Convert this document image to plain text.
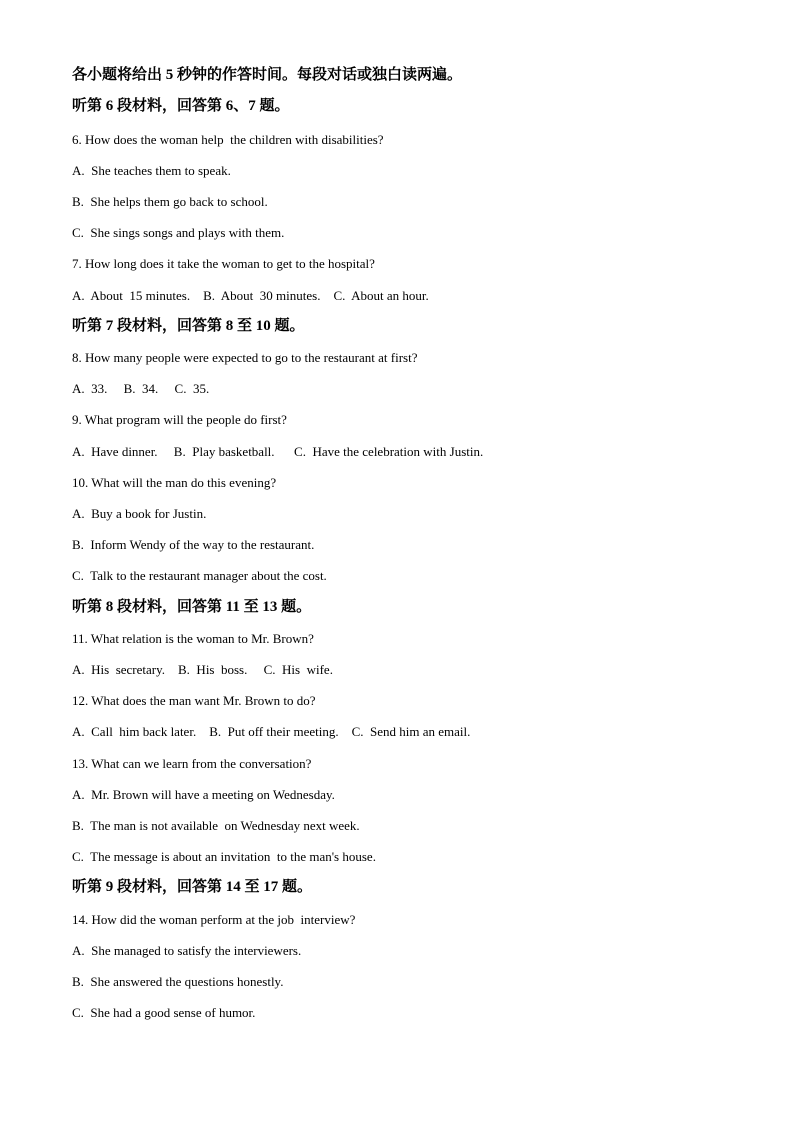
各小题将给出 5 秒钟的作答时间。每段对话或独白读两遍。
听第 6 段材料，回答第 6、7 题。
6. How does the woman help  the children with disabilities?
A.  She teaches them to speak.
B.  She helps them go back to school.
C.  She sings songs and plays with them.
7. How long does it take the woman to get to the hospital?
A.  About  15 minutes.    B.  About  30 minutes.    C.  About an hour.
听第 7 段材料，回答第 8 至 10 题。
8. How many people were expected to go to the restaurant at first?
A.  33.     B.  34.     C.  35.
9. What program will the people do first?
A.  Have dinner.     B.  Play basketball.      C.  Have the celebration with Justin.
10. What will the man do this evening?
A.  Buy a book for Justin.
B.  Inform Wendy of the way to the restaurant.
C.  Talk to the restaurant manager about the cost.
听第 8 段材料，回答第 11 至 13 题。
11. What relation is the woman to Mr. Brown?
A.  His  secretary.    B.  His  boss.     C.  His  wife.
12. What does the man want Mr. Brown to do?
A.  Call  him back later.    B.  Put off their meeting.    C.  Send him an email.
13. What can we learn from the conversation?
A.  Mr. Brown will have a meeting on Wednesday.
B.  The man is not available  on Wednesday next week.
C.  The message is about an invitation  to the man's house.
听第 9 段材料，回答第 14 至 17 题。
14. How did the woman perform at the job  interview?
A.  She managed to satisfy the interviewers.
B.  She answered the questions honestly.
C.  She had a good sense of humor.
